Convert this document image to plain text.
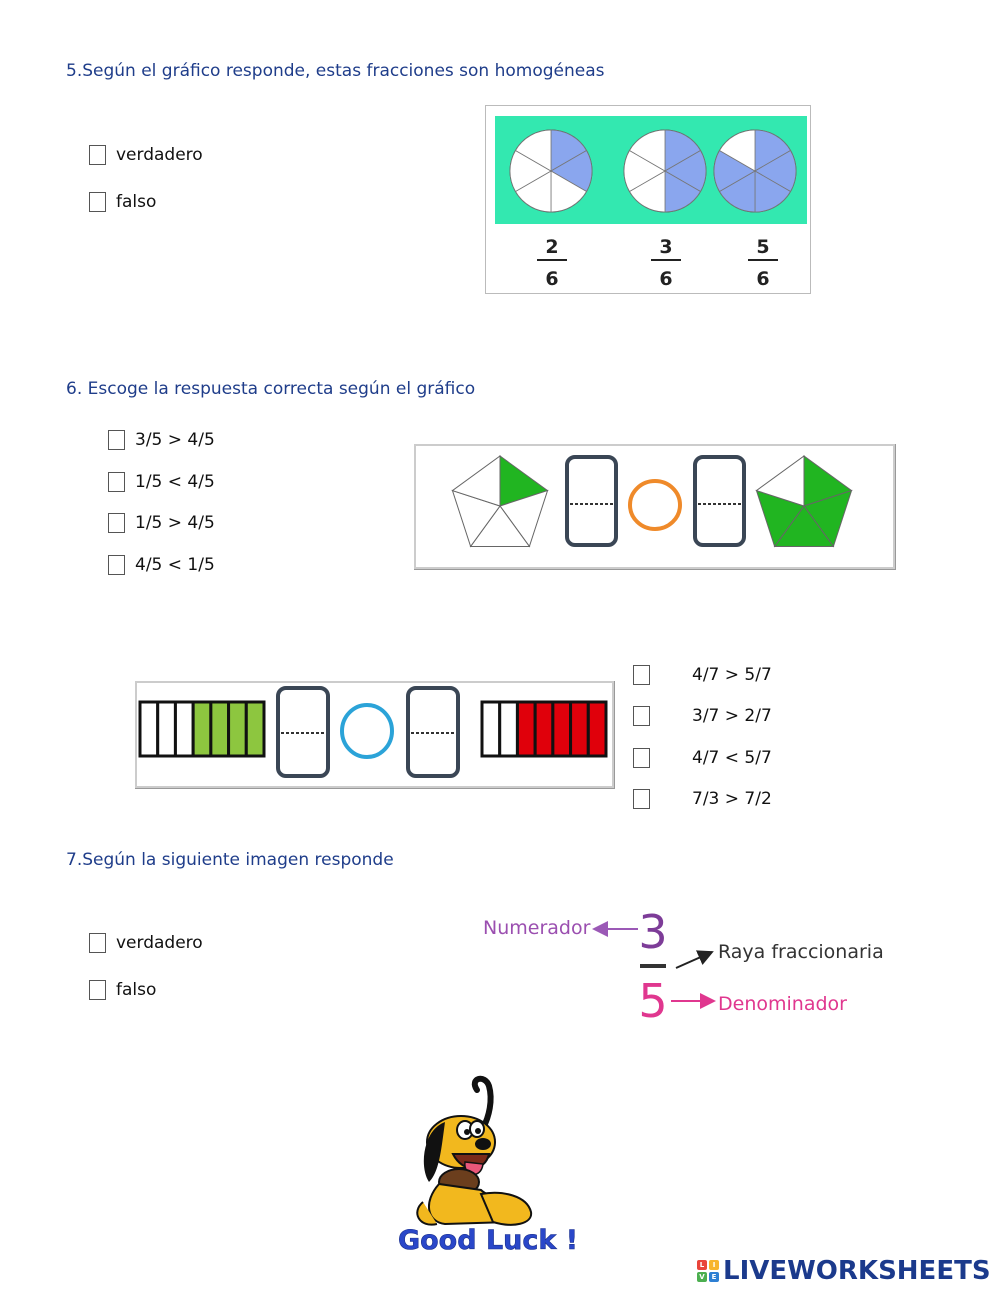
5.Según el gráfico responde, estas fracciones son homogéneas
verdadero
falso
2
6
3
6
5
6
6. Escoge la respuesta correcta según el gráfico
3/5 > 4/5
1/5 < 4/5
1/5 > 4/5
4/5 < 1/5
4/7 > 5/7
3/7 > 2/7
4/7 < 5/7
7/3 > 7/2
7.Según la siguiente imagen responde
verdadero
falso
Numerador 3	Raya fraccionaria
5	Denominador
Good Luck !
L	I
V E LIVEWORKSHEETS
